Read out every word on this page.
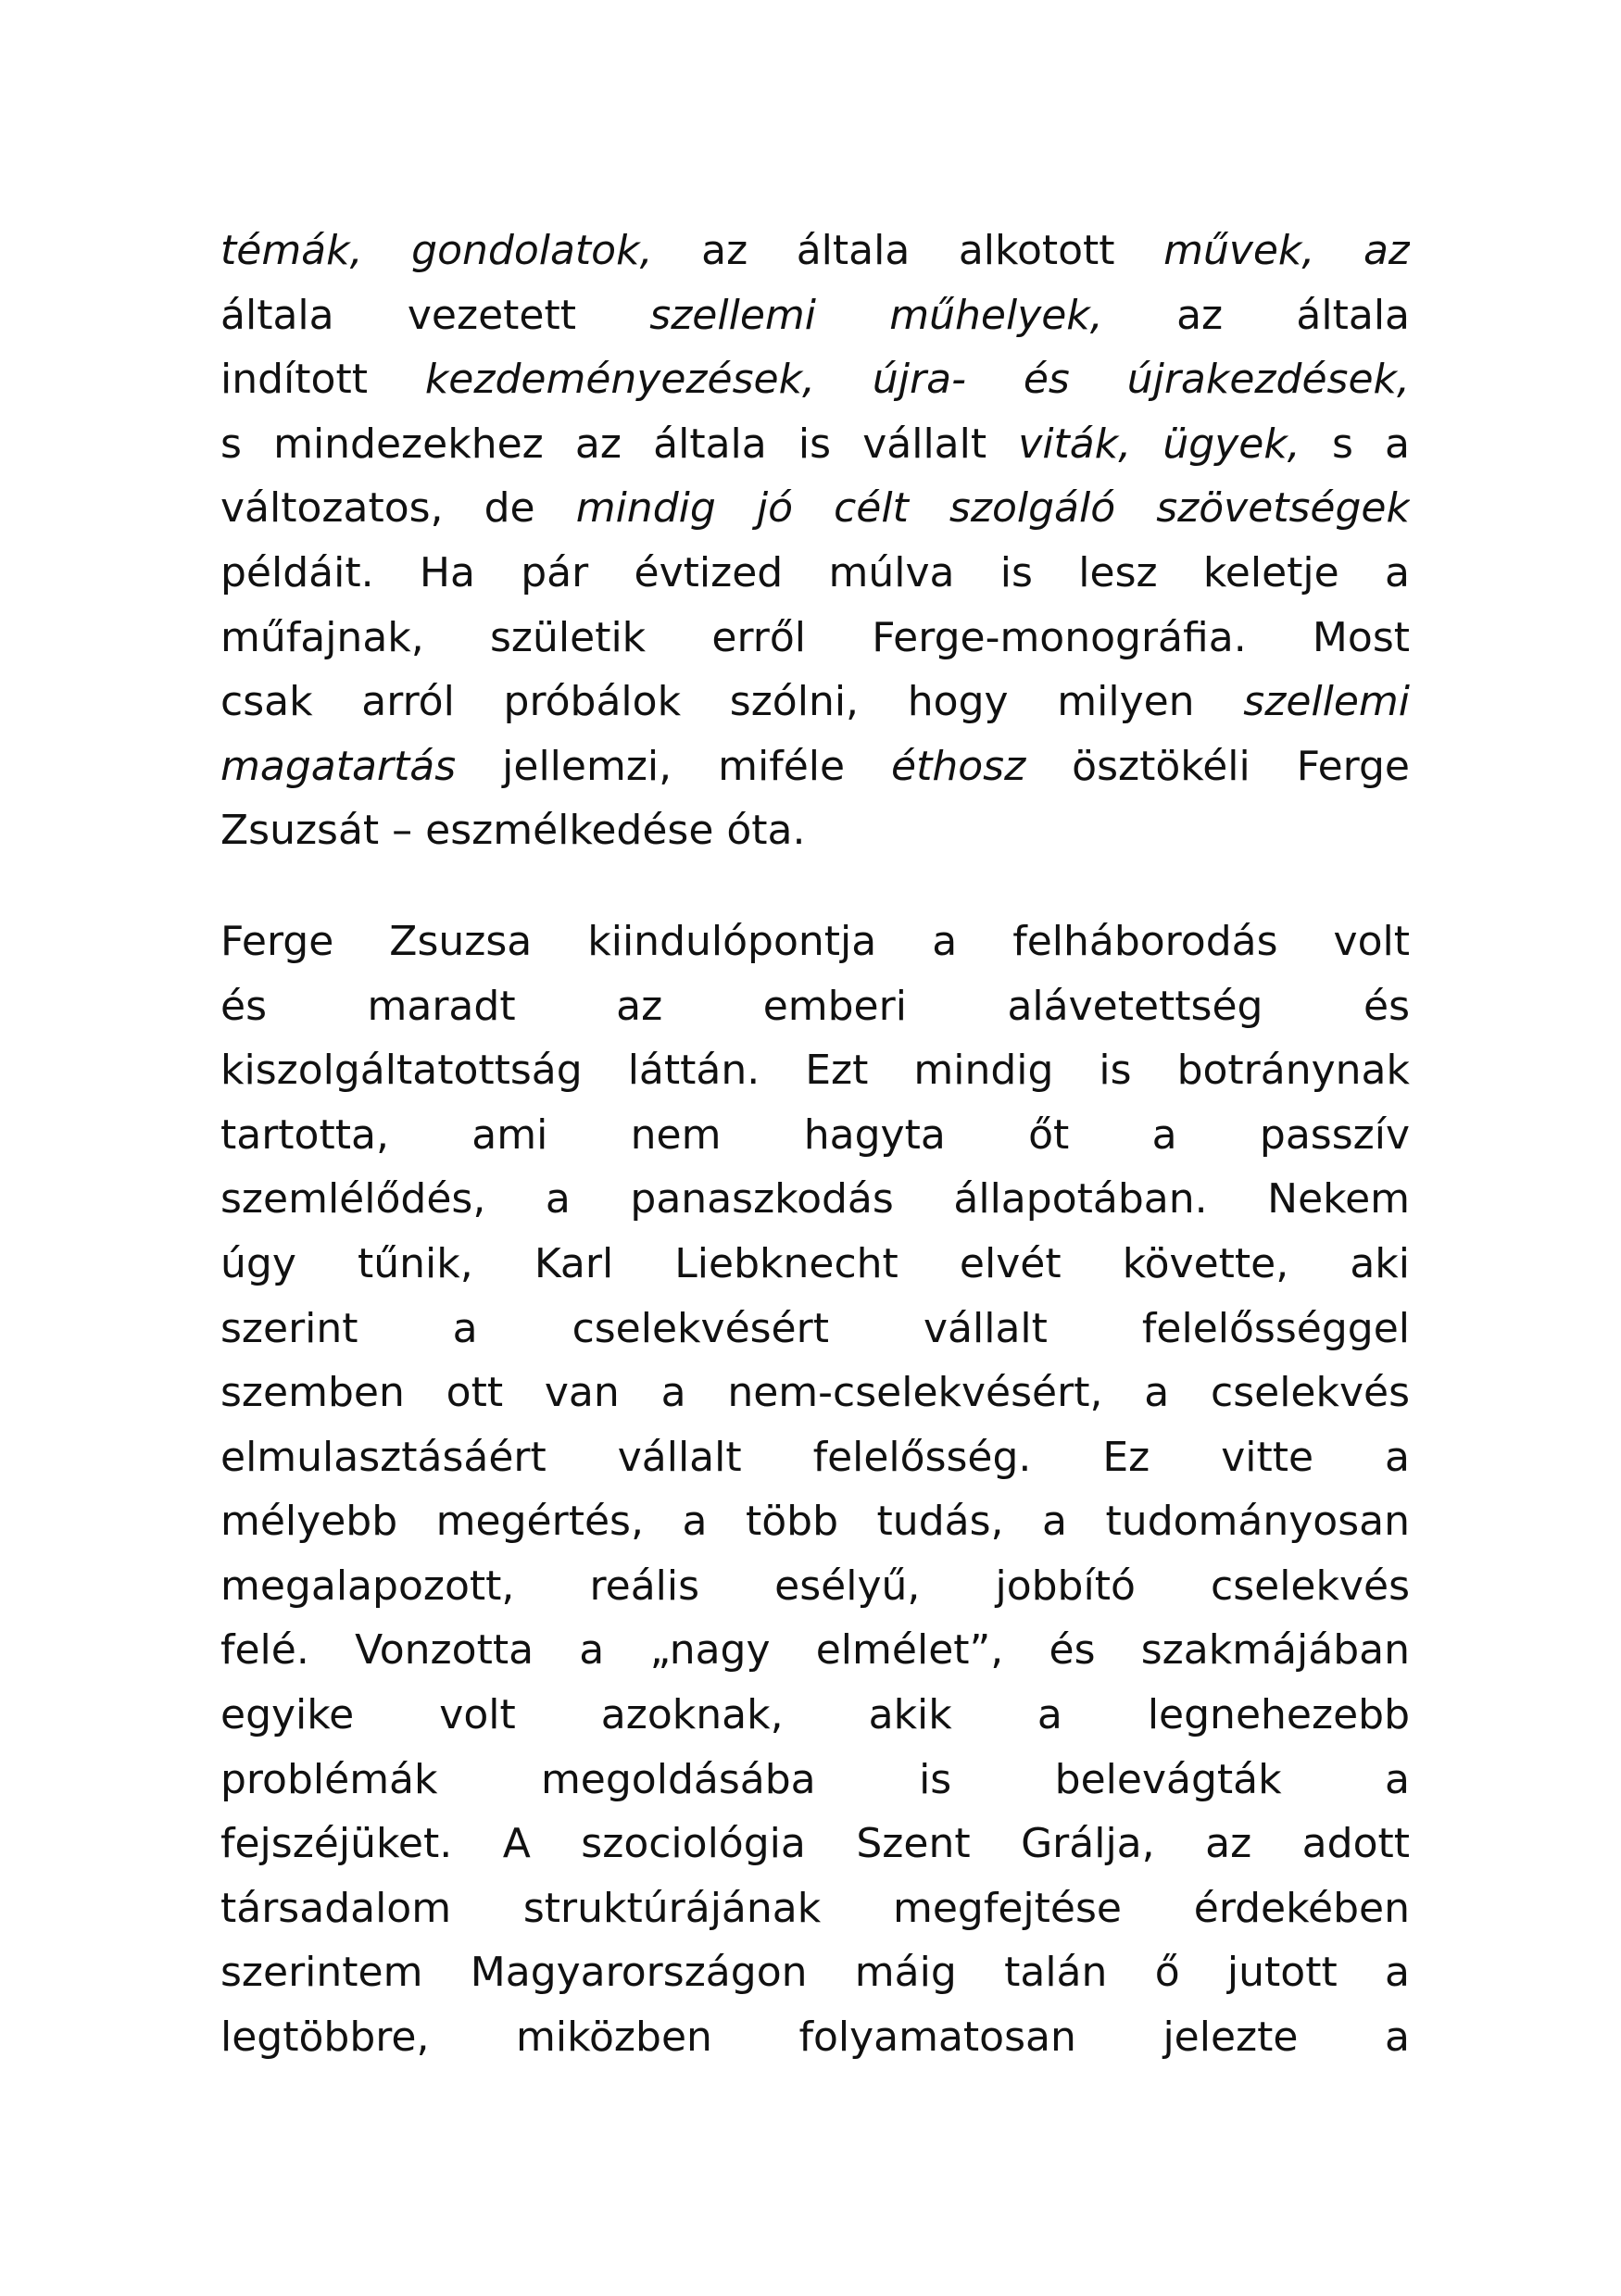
témák, gondolatok, az általa alkotott művek, az
általa vezetett szellemi műhelyek, az általa
indított kezdeményezések, újra- és újrakezdések,
s mindezekhez az általa is vállalt viták, ügyek, s a
változatos, de mindig jó célt szolgáló szövetségek
példáit. Ha pár évtized múlva is lesz keletje a
műfajnak, születik erről Ferge-monográfia. Most
csak arról próbálok szólni, hogy milyen szellemi
magatartás jellemzi, miféle éthosz ösztökéli Ferge
Zsuzsát – eszmélkedése óta.
Ferge Zsuzsa kiindulópontja a felháborodás volt
és maradt az emberi alávetettség és
kiszolgáltatottság láttán. Ezt mindig is botránynak
tartotta, ami nem hagyta őt a passzív
szemlélődés, a panaszkodás állapotában. Nekem
úgy tűnik, Karl Liebknecht elvét követte, aki
szerint a cselekvésért vállalt felelősséggel
szemben ott van a nem-cselekvésért, a cselekvés
elmulasztásáért vállalt felelősség. Ez vitte a
mélyebb megértés, a több tudás, a tudományosan
megalapozott, reális esélyű, jobbító cselekvés
felé. Vonzotta a „nagy elmélet”, és szakmájában
egyike volt azoknak, akik a legnehezebb
problémák megoldásába is belevágták a
fejszéjüket. A szociológia Szent Grálja, az adott
társadalom struktúrájának megfejtése érdekében
szerintem Magyarországon máig talán ő jutott a
legtöbbre, miközben folyamatosan jelezte a
